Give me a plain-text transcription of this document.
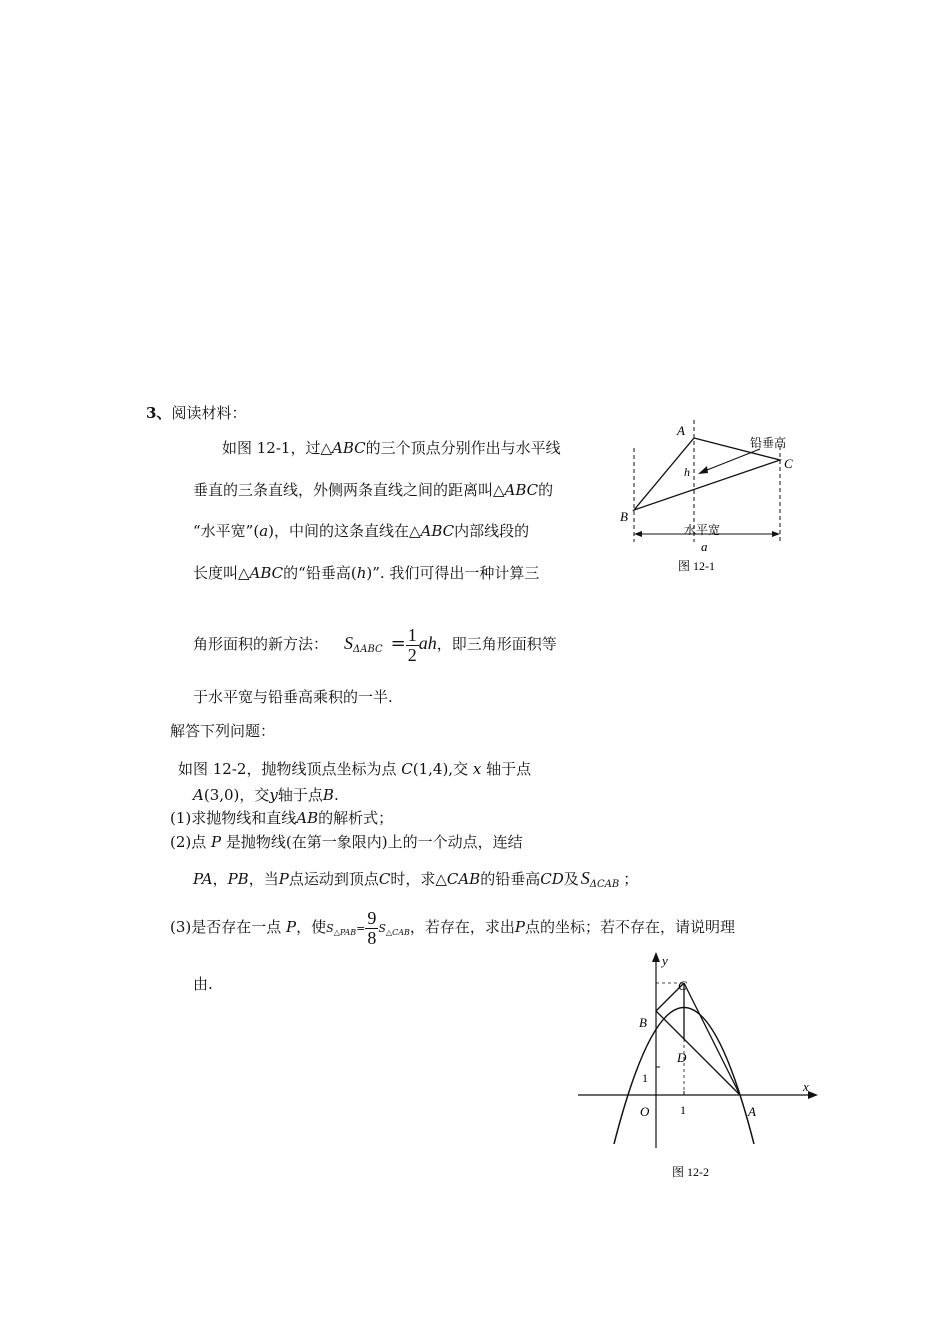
3、阅读材料：
如图 12-1，过△ABC的三个顶点分别作出与水平线
垂直的三条直线，外侧两条直线之间的距离叫△ABC的
“水平宽”(a)，中间的这条直线在△ABC内部线段的
长度叫△ABC的“铅垂高(h)”. 我们可得出一种计算三
角形面积的新方法： $S_{\Delta ABC} = \frac{1}{2}$ ah，即三角形面积等
于水平宽与铅垂高乘积的一半.
解答下列问题：
如图 12-2，抛物线顶点坐标为点 C(1,4),交 x 轴于点
A(3,0)，交y轴于点B.
(1)求抛物线和直线AB的解析式；
(2)点 P 是抛物线(在第一象限内)上的一个动点，连结
PA，PB，当P点运动到顶点C时，求△CAB的铅垂高CD及 $S_{\Delta CAB}$ ；
(3)是否存在一点 P，使$S_{\triangle PAB}= \frac{9}{8} S_{\triangle CAB}$，若存在，求出P点的坐标；若不存在，请说明理
由.
A
B
C
h
铅垂高
水平宽
a
图 12-1
y
x
C
B
D
1
O	1	A
图 12-2
